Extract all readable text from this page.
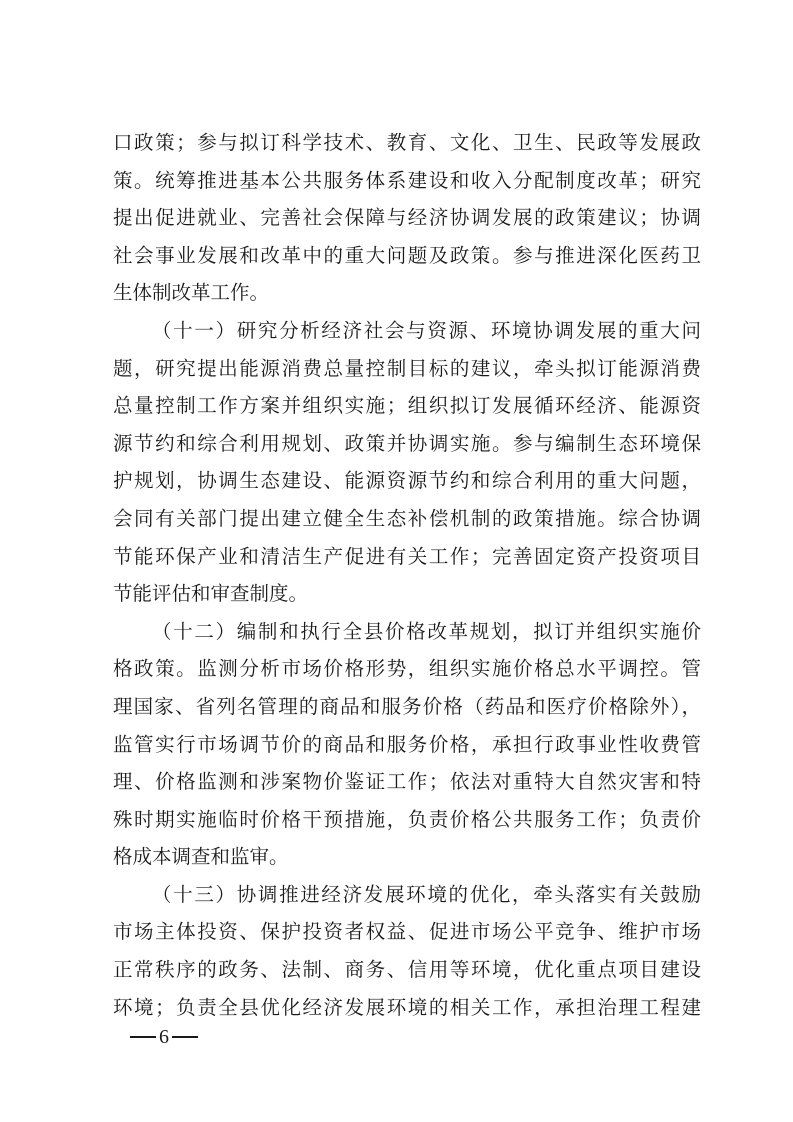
口政策；参与拟订科学技术、教育、文化、卫生、民政等发展政
策。统筹推进基本公共服务体系建设和收入分配制度改革；研究
提出促进就业、完善社会保障与经济协调发展的政策建议；协调
社会事业发展和改革中的重大问题及政策。参与推进深化医药卫
生体制改革工作。
（十一）研究分析经济社会与资源、环境协调发展的重大问
题，研究提出能源消费总量控制目标的建议，牵头拟订能源消费
总量控制工作方案并组织实施；组织拟订发展循环经济、能源资
源节约和综合利用规划、政策并协调实施。参与编制生态环境保
护规划，协调生态建设、能源资源节约和综合利用的重大问题，
会同有关部门提出建立健全生态补偿机制的政策措施。综合协调
节能环保产业和清洁生产促进有关工作；完善固定资产投资项目
节能评估和审查制度。
（十二）编制和执行全县价格改革规划，拟订并组织实施价
格政策。监测分析市场价格形势，组织实施价格总水平调控。管
理国家、省列名管理的商品和服务价格（药品和医疗价格除外），
监管实行市场调节价的商品和服务价格，承担行政事业性收费管
理、价格监测和涉案物价鉴证工作；依法对重特大自然灾害和特
殊时期实施临时价格干预措施，负责价格公共服务工作；负责价
格成本调查和监审。
（十三）协调推进经济发展环境的优化，牵头落实有关鼓励
市场主体投资、保护投资者权益、促进市场公平竞争、维护市场
正常秩序的政务、法制、商务、信用等环境，优化重点项目建设
环境；负责全县优化经济发展环境的相关工作，承担治理工程建
6
